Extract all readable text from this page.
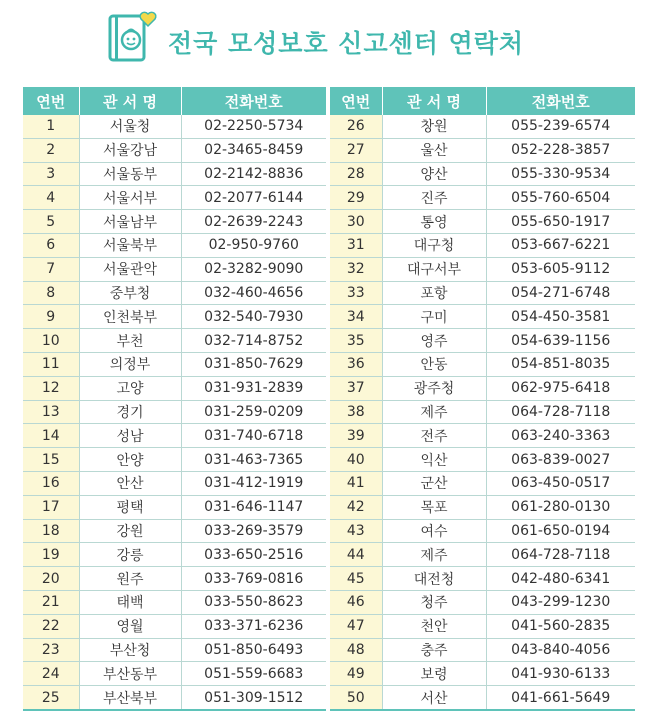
전국 모성보호 신고센터 연락처
연번	관 서 명	전화번호	연번	관 서 명	전화번호
1	서울청	02-2250-5734	26	창원	055-239-6574
2	서울강남	02-3465-8459	27	울산	052-228-3857
3	서울동부	02-2142-8836	28	양산	055-330-9534
4	서울서부	02-2077-6144	29	진주	055-760-6504
5	서울남부	02-2639-2243	30	통영	055-650-1917
6	서울북부	02-950-9760	31	대구청	053-667-6221
7	서울관악	02-3282-9090	32	대구서부	053-605-9112
8	중부청	032-460-4656	33	포항	054-271-6748
9	인천북부	032-540-7930	34	구미	054-450-3581
10	부천	032-714-8752	35	영주	054-639-1156
11	의정부	031-850-7629	36	안동	054-851-8035
12	고양	031-931-2839	37	광주청	062-975-6418
13	경기	031-259-0209	38	제주	064-728-7118
14	성남	031-740-6718	39	전주	063-240-3363
15	안양	031-463-7365	40	익산	063-839-0027
16	안산	031-412-1919	41	군산	063-450-0517
17	평택	031-646-1147	42	목포	061-280-0130
18	강원	033-269-3579	43	여수	061-650-0194
19	강릉	033-650-2516	44	제주	064-728-7118
20	원주	033-769-0816	45	대전청	042-480-6341
21	태백	033-550-8623	46	청주	043-299-1230
22	영월	033-371-6236	47	천안	041-560-2835
23	부산청	051-850-6493	48	충주	043-840-4056
24	부산동부	051-559-6683	49	보령	041-930-6133
25	부산북부	051-309-1512	50	서산	041-661-5649
